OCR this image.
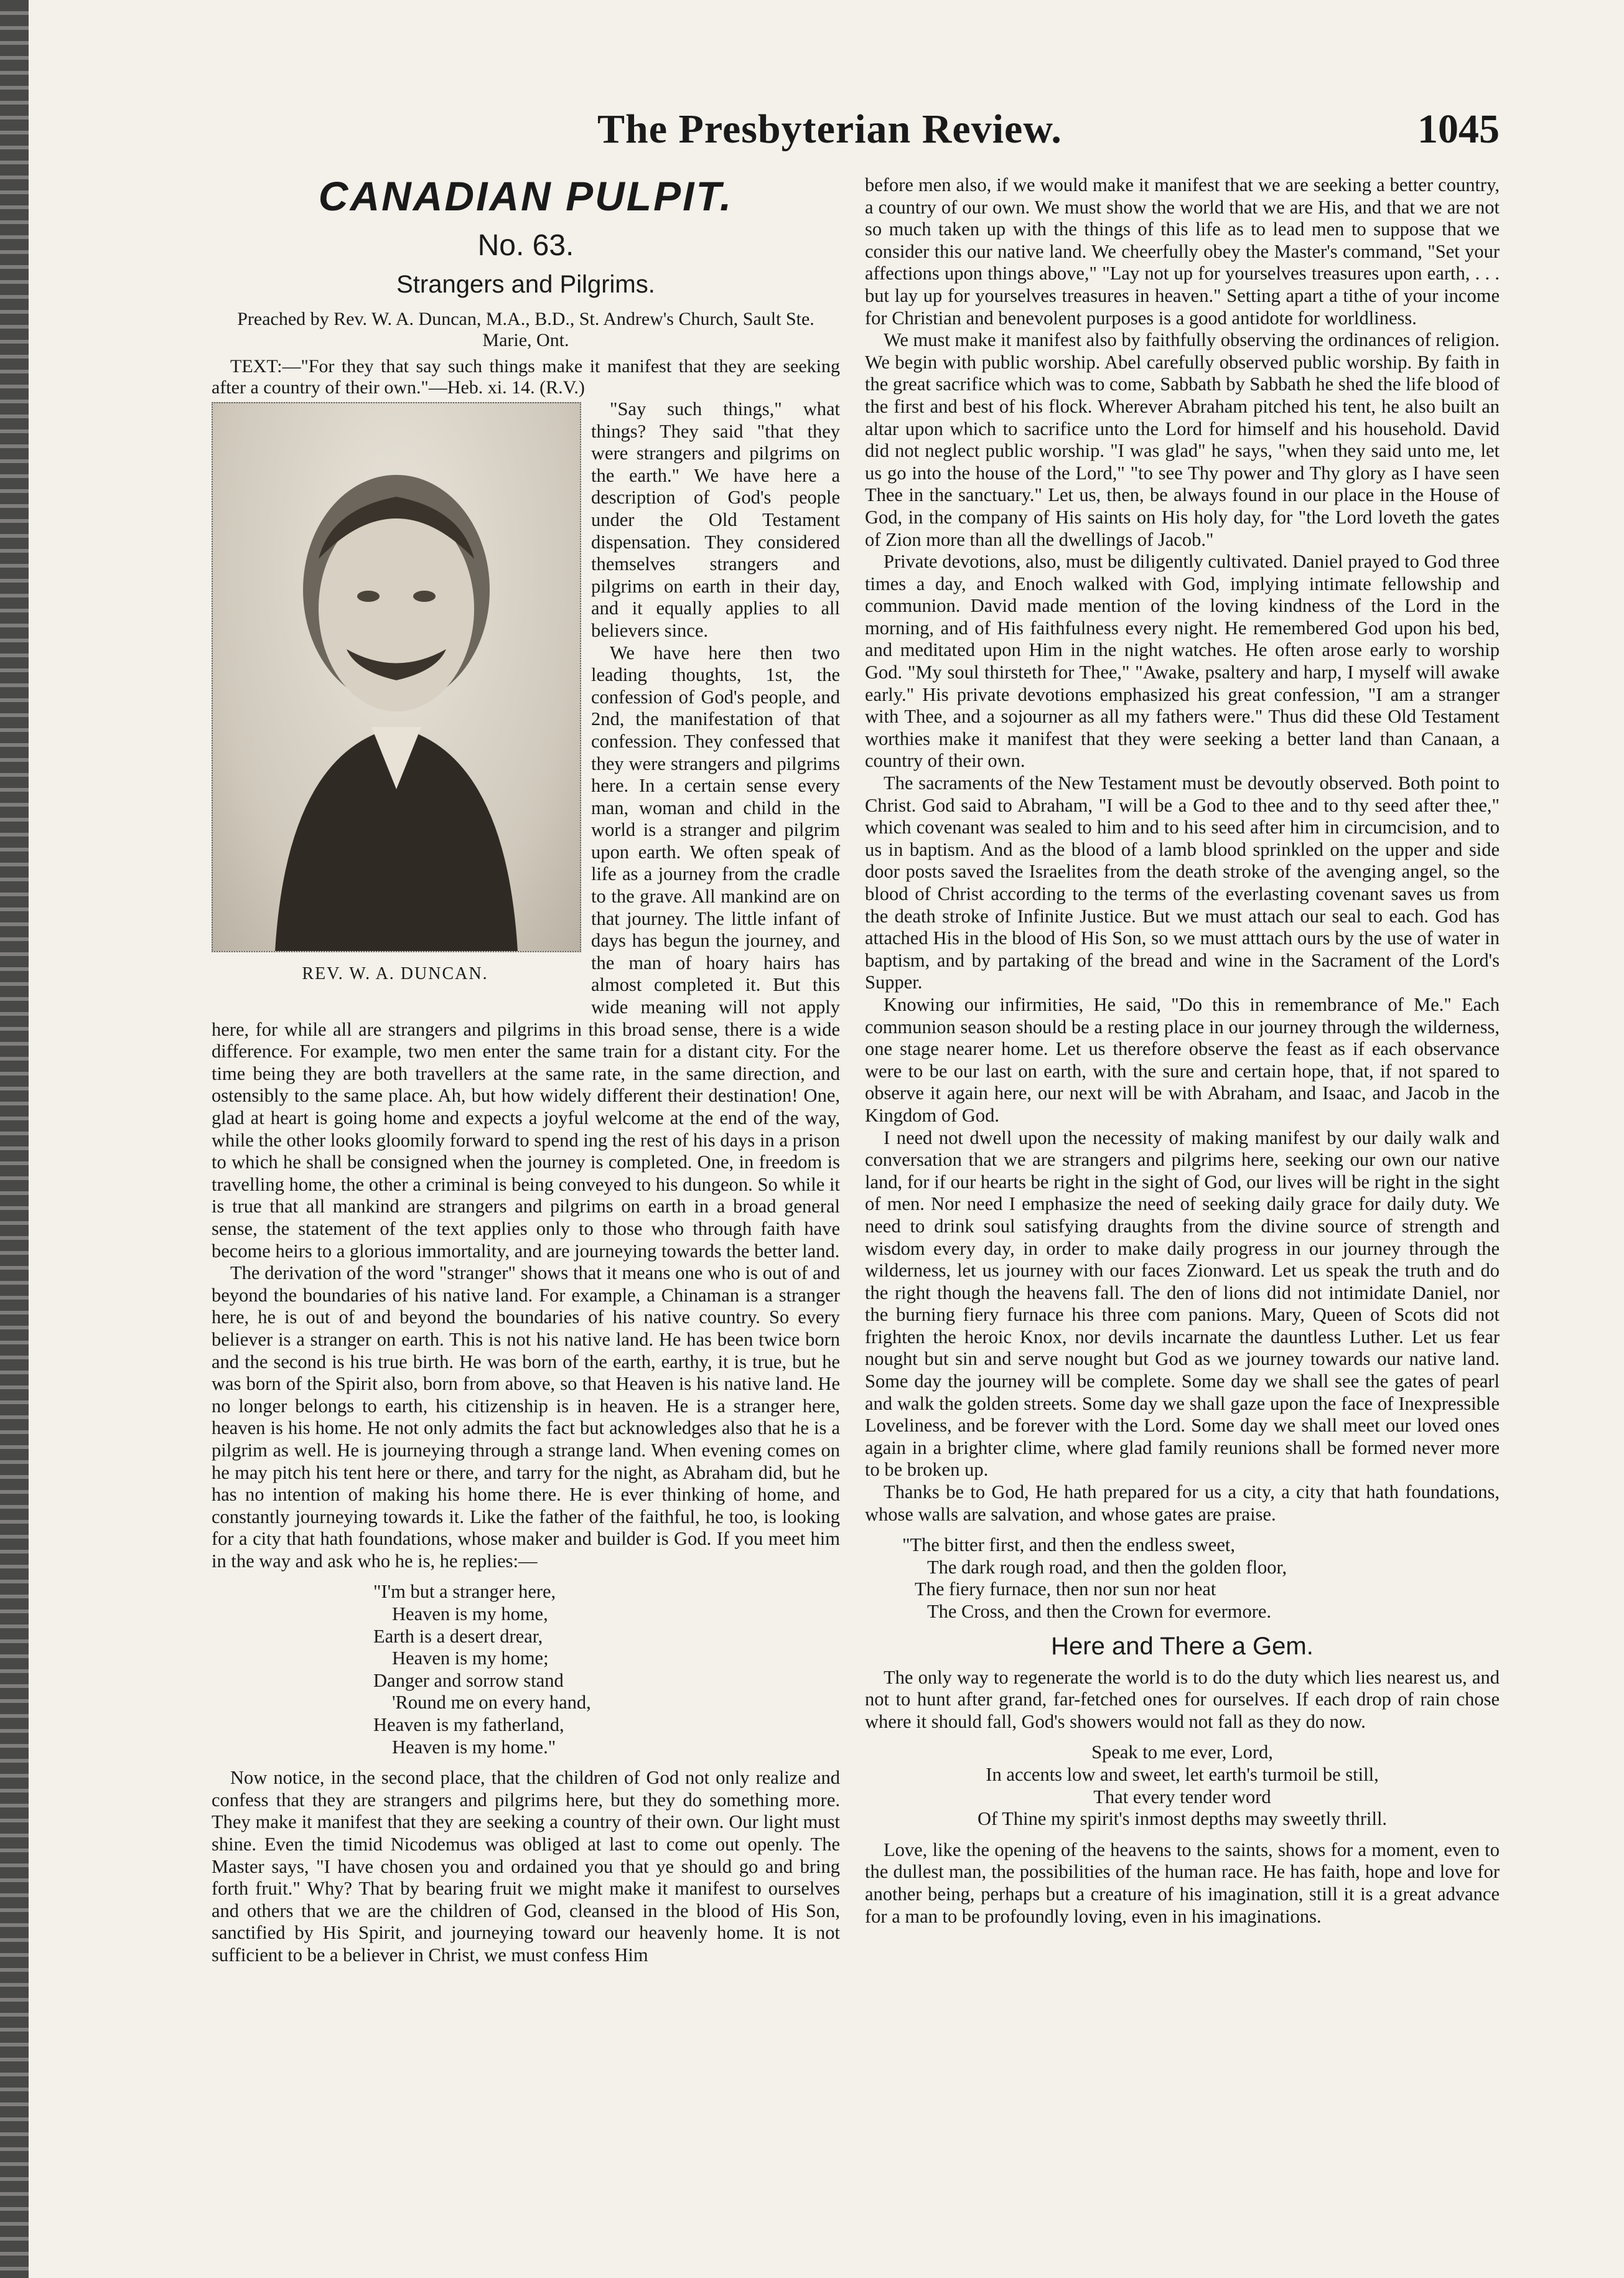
The Presbyterian Review.	1045
CANADIAN PULPIT.
No. 63.
Strangers and Pilgrims.
Preached by Rev. W. A. Duncan, M.A., B.D., St. Andrew's Church, Sault Ste. Marie, Ont.

TEXT:—"For they that say such things make it manifest that they are seeking after a country of their own."—Heb. xi. 14. (R.V.)

REV. W. A. DUNCAN.

"Say such things," what things? They said "that they were strangers and pilgrims on the earth." We have here a description of God's people under the Old Testament dispensation. They considered themselves strangers and pilgrims on earth in their day, and it equally applies to all believers since.

We have here then two leading thoughts, 1st, the confession of God's people, and 2nd, the manifestation of that confession. They confessed that they were strangers and pilgrims here. In a certain sense every man, woman and child in the world is a stranger and pilgrim upon earth. We often speak of life as a journey from the cradle to the grave. All mankind are on that journey. The little infant of days has begun the journey, and the man of hoary hairs has almost completed it. But this wide meaning will not apply here, for while all are strangers and pilgrims in this broad sense, there is a wide difference. For example, two men enter the same train for a distant city. For the time being they are both travellers at the same rate, in the same direction, and ostensibly to the same place. Ah, but how widely different their destination! One, glad at heart is going home and expects a joyful welcome at the end of the way, while the other looks gloomily forward to spend ing the rest of his days in a prison to which he shall be consigned when the journey is completed. One, in freedom is travelling home, the other a criminal is being conveyed to his dungeon. So while it is true that all mankind are strangers and pilgrims on earth in a broad general sense, the statement of the text applies only to those who through faith have become heirs to a glorious immortality, and are journeying towards the better land.

The derivation of the word "stranger" shows that it means one who is out of and beyond the boundaries of his native land. For example, a Chinaman is a stranger here, he is out of and beyond the boundaries of his native country. So every believer is a stranger on earth. This is not his native land. He has been twice born and the second is his true birth. He was born of the earth, earthy, it is true, but he was born of the Spirit also, born from above, so that Heaven is his native land. He no longer belongs to earth, his citizenship is in heaven. He is a stranger here, heaven is his home. He not only admits the fact but acknowledges also that he is a pilgrim as well. He is journeying through a strange land. When evening comes on he may pitch his tent here or there, and tarry for the night, as Abraham did, but he has no intention of making his home there. He is ever thinking of home, and constantly journeying towards it. Like the father of the faithful, he too, is looking for a city that hath foundations, whose maker and builder is God. If you meet him in the way and ask who he is, he replies:—

"I'm but a stranger here,
Heaven is my home,
Earth is a desert drear,
Heaven is my home;
Danger and sorrow stand
'Round me on every hand,
Heaven is my fatherland,
Heaven is my home."

Now notice, in the second place, that the children of God not only realize and confess that they are strangers and pilgrims here, but they do something more. They make it manifest that they are seeking a country of their own. Our light must shine. Even the timid Nicodemus was obliged at last to come out openly. The Master says, "I have chosen you and ordained you that ye should go and bring forth fruit." Why? That by bearing fruit we might make it manifest to ourselves and others that we are the children of God, cleansed in the blood of His Son, sanctified by His Spirit, and journeying toward our heavenly home. It is not sufficient to be a believer in Christ, we must confess Him

before men also, if we would make it manifest that we are seeking a better country, a country of our own. We must show the world that we are His, and that we are not so much taken up with the things of this life as to lead men to suppose that we consider this our native land. We cheerfully obey the Master's command, "Set your affections upon things above," "Lay not up for yourselves treasures upon earth, . . . but lay up for yourselves treasures in heaven." Setting apart a tithe of your income for Christian and benevolent purposes is a good antidote for worldliness.

We must make it manifest also by faithfully observing the ordinances of religion. We begin with public worship. Abel carefully observed public worship. By faith in the great sacrifice which was to come, Sabbath by Sabbath he shed the life blood of the first and best of his flock. Wherever Abraham pitched his tent, he also built an altar upon which to sacrifice unto the Lord for himself and his household. David did not neglect public worship. "I was glad" he says, "when they said unto me, let us go into the house of the Lord," "to see Thy power and Thy glory as I have seen Thee in the sanctuary." Let us, then, be always found in our place in the House of God, in the company of His saints on His holy day, for "the Lord loveth the gates of Zion more than all the dwellings of Jacob."

Private devotions, also, must be diligently cultivated. Daniel prayed to God three times a day, and Enoch walked with God, implying intimate fellowship and communion. David made mention of the loving kindness of the Lord in the morning, and of His faithfulness every night. He remembered God upon his bed, and meditated upon Him in the night watches. He often arose early to worship God. "My soul thirsteth for Thee," "Awake, psaltery and harp, I myself will awake early." His private devotions emphasized his great confession, "I am a stranger with Thee, and a sojourner as all my fathers were." Thus did these Old Testament worthies make it manifest that they were seeking a better land than Canaan, a country of their own.

The sacraments of the New Testament must be devoutly observed. Both point to Christ. God said to Abraham, "I will be a God to thee and to thy seed after thee," which covenant was sealed to him and to his seed after him in circumcision, and to us in baptism. And as the blood of a lamb blood sprinkled on the upper and side door posts saved the Israelites from the death stroke of the avenging angel, so the blood of Christ according to the terms of the everlasting covenant saves us from the death stroke of Infinite Justice. But we must attach our seal to each. God has attached His in the blood of His Son, so we must atttach ours by the use of water in baptism, and by partaking of the bread and wine in the Sacrament of the Lord's Supper.

Knowing our infirmities, He said, "Do this in remembrance of Me." Each communion season should be a resting place in our journey through the wilderness, one stage nearer home. Let us therefore observe the feast as if each observance were to be our last on earth, with the sure and certain hope, that, if not spared to observe it again here, our next will be with Abraham, and Isaac, and Jacob in the Kingdom of God.

I need not dwell upon the necessity of making manifest by our daily walk and conversation that we are strangers and pilgrims here, seeking our own our native land, for if our hearts be right in the sight of God, our lives will be right in the sight of men. Nor need I emphasize the need of seeking daily grace for daily duty. We need to drink soul satisfying draughts from the divine source of strength and wisdom every day, in order to make daily progress in our journey through the wilderness, let us journey with our faces Zionward. Let us speak the truth and do the right though the heavens fall. The den of lions did not intimidate Daniel, nor the burning fiery furnace his three com panions. Mary, Queen of Scots did not frighten the heroic Knox, nor devils incarnate the dauntless Luther. Let us fear nought but sin and serve nought but God as we journey towards our native land. Some day the journey will be complete. Some day we shall see the gates of pearl and walk the golden streets. Some day we shall gaze upon the face of Inexpressible Loveliness, and be forever with the Lord. Some day we shall meet our loved ones again in a brighter clime, where glad family reunions shall be formed never more to be broken up.

Thanks be to God, He hath prepared for us a city, a city that hath foundations, whose walls are salvation, and whose gates are praise.

"The bitter first, and then the endless sweet,
The dark rough road, and then the golden floor,
The fiery furnace, then nor sun nor heat
The Cross, and then the Crown for evermore.
Here and There a Gem.

The only way to regenerate the world is to do the duty which lies nearest us, and not to hunt after grand, far-fetched ones for ourselves. If each drop of rain chose where it should fall, God's showers would not fall as they do now.

Speak to me ever, Lord,
In accents low and sweet, let earth's turmoil be still,
That every tender word
Of Thine my spirit's inmost depths may sweetly thrill.

Love, like the opening of the heavens to the saints, shows for a moment, even to the dullest man, the possibilities of the human race. He has faith, hope and love for another being, perhaps but a creature of his imagination, still it is a great advance for a man to be profoundly loving, even in his imaginations.
